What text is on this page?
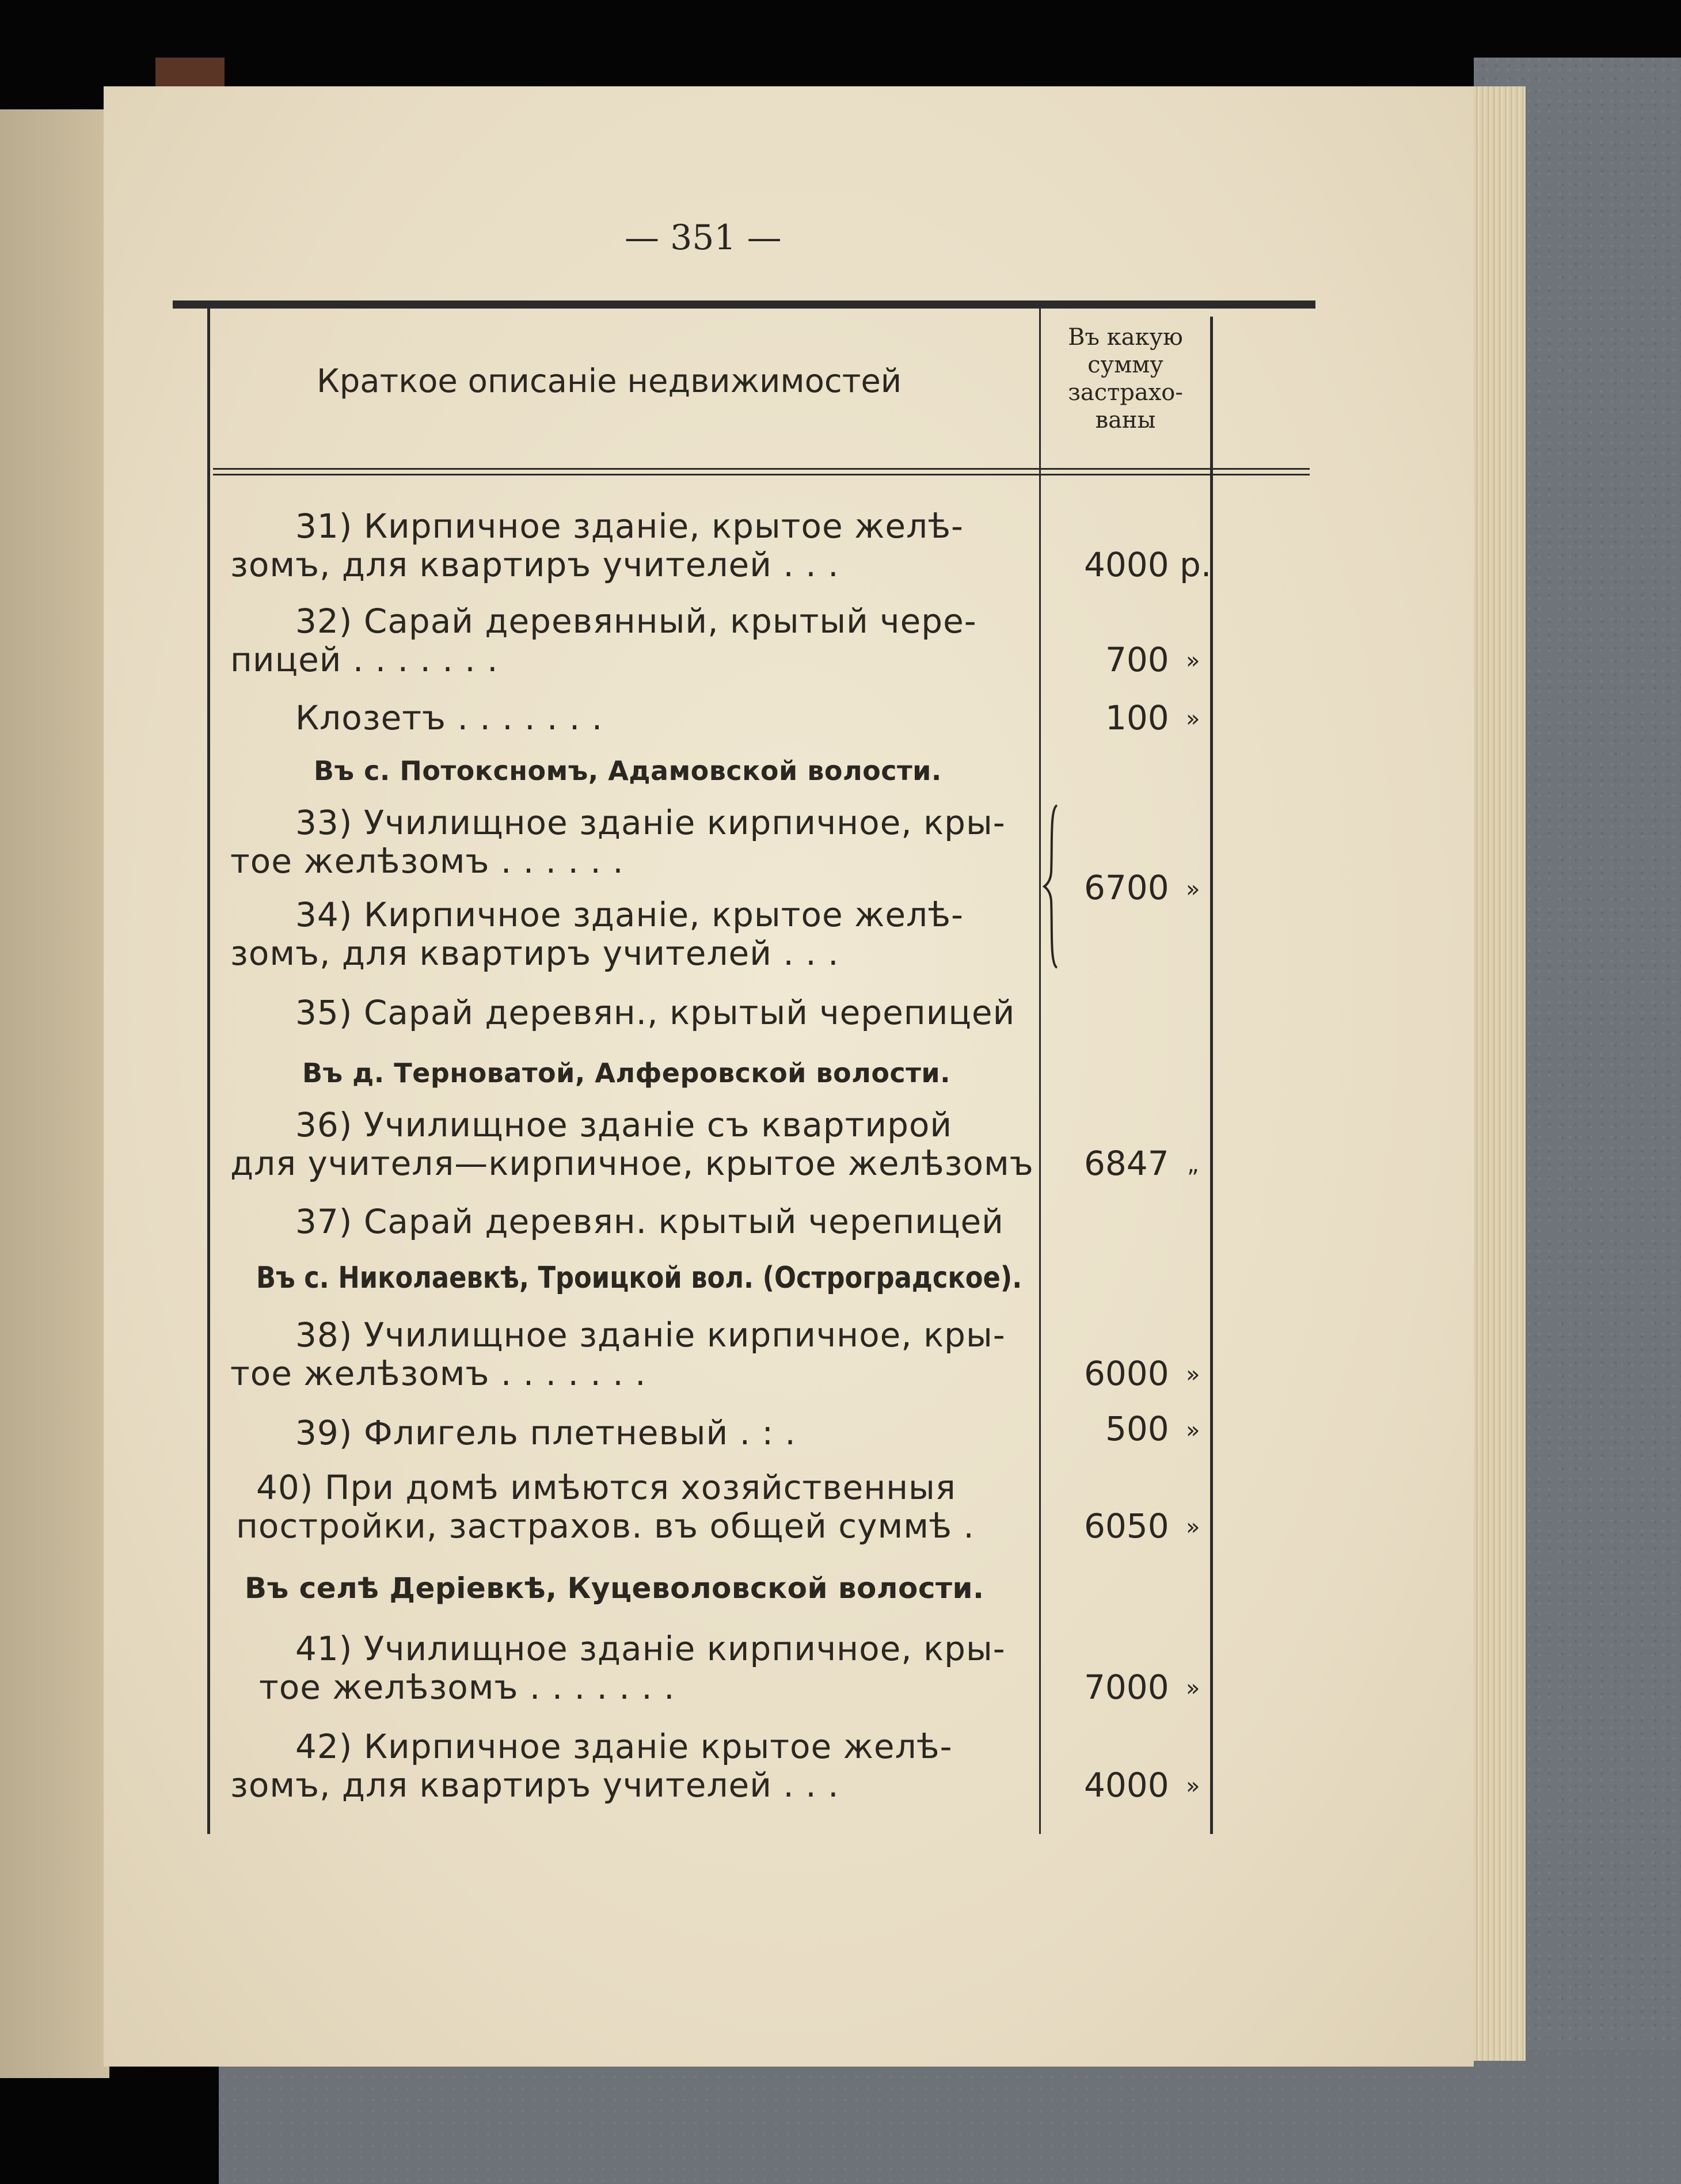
— 351 —
Краткое описаніе недвижимостей
Въ какую
сумму
застрахо-
ваны
31) Кирпичное зданіе, крытое желѣ-
зомъ, для квартиръ учителей . . .	4000 р.
32) Сарай деревянный, крытый чере-
пицей . . . . . . .	700 »
Клозетъ . . . . . . .	100 »
Въ с. Потоксномъ, Адамовской волости.
33) Училищное зданіе кирпичное, кры-
тое желѣзомъ . . . . . .
34) Кирпичное зданіе, крытое желѣ-
зомъ, для квартиръ учителей . . .
6700 »
35) Сарай деревян., крытый черепицей
Въ д. Терноватой, Алферовской волости.
36) Училищное зданіе съ квартирой
для учителя—кирпичное, крытое желѣзомъ 6847 „
37) Сарай деревян. крытый черепицей
Въ с. Николаевкѣ, Троицкой вол. (Остроградское).
38) Училищное зданіе кирпичное, кры-
тое желѣзомъ . . . . . . .	6000 »
39) Флигель плетневый . : .	500 »
40) При домѣ имѣются хозяйственныя
постройки, застрахов. въ общей суммѣ .	6050 »
Въ селѣ Деріевкѣ, Куцеволовской волости.
41) Училищное зданіе кирпичное, кры-
тое желѣзомъ . . . . . . .	7000 »
42) Кирпичное зданіе крытое желѣ-
зомъ, для квартиръ учителей . . .	4000 »
